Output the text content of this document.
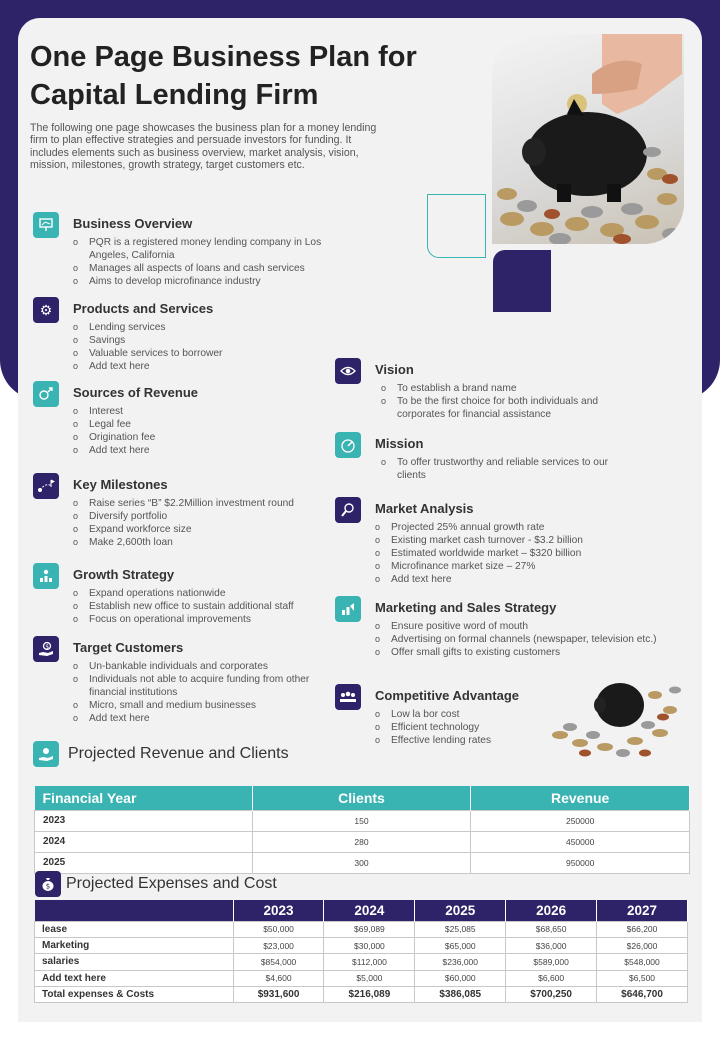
One Page Business Plan for Capital Lending Firm

The following one page showcases the business plan for a money lending firm to plan effective strategies and persuade investors for funding. It includes elements such as business overview, market analysis, vision, mission, milestones, growth strategy, target customers etc.

Business Overview
o PQR is a registered money lending company in Los Angeles, California
o Manages all aspects of loans and cash services
o Aims to develop microfinance industry
⚙	Products and Services
o Lending services
o Savings
o Valuable services to borrower
o Add text here
Sources of Revenue
o Interest
o Legal fee
o Origination fee
o Add text here
Key Milestones
o Raise series “B” $2.2Million investment round
o Diversify portfolio
o Expand workforce size
o Make 2,600th loan
Growth Strategy
o Expand operations nationwide
o Establish new office to sustain additional staff
o Focus on operational improvements
$ Target Customers
o Un-bankable individuals and corporates
o Individuals not able to acquire funding from other financial institutions
o Micro, small and medium businesses
o Add text here
Vision
o To establish a brand name
o To be the first choice for both individuals and corporates for financial assistance
Mission
o To offer trustworthy and reliable services to our clients
Market Analysis
o Projected 25% annual growth rate
o Existing market cash turnover - $3.2 billion
o Estimated worldwide market – $320 billion
o Microfinance market size – 27%
o Add text here
Marketing and Sales Strategy
o Ensure positive word of mouth
o Advertising on formal channels (newspaper, television etc.)
o Offer small gifts to existing customers
Competitive Advantage
o Low la bor cost
o Efficient technology
o Effective lending rates
Projected Revenue and Clients
Financial Year	Clients	Revenue
2023	150	250000
2024	280	450000
2025	300	950000
$ Projected Expenses and Cost
	2023	2024	2025	2026	2027
lease	$50,000	$69,089	$25,085	$68,650	$66,200
Marketing	$23,000	$30,000	$65,000	$36,000	$26,000
salaries	$854,000	$112,000	$236,000	$589,000	$548,000
Add text here	$4,600	$5,000	$60,000	$6,600	$6,500
Total expenses & Costs	$931,600	$216,089	$386,085	$700,250	$646,700
